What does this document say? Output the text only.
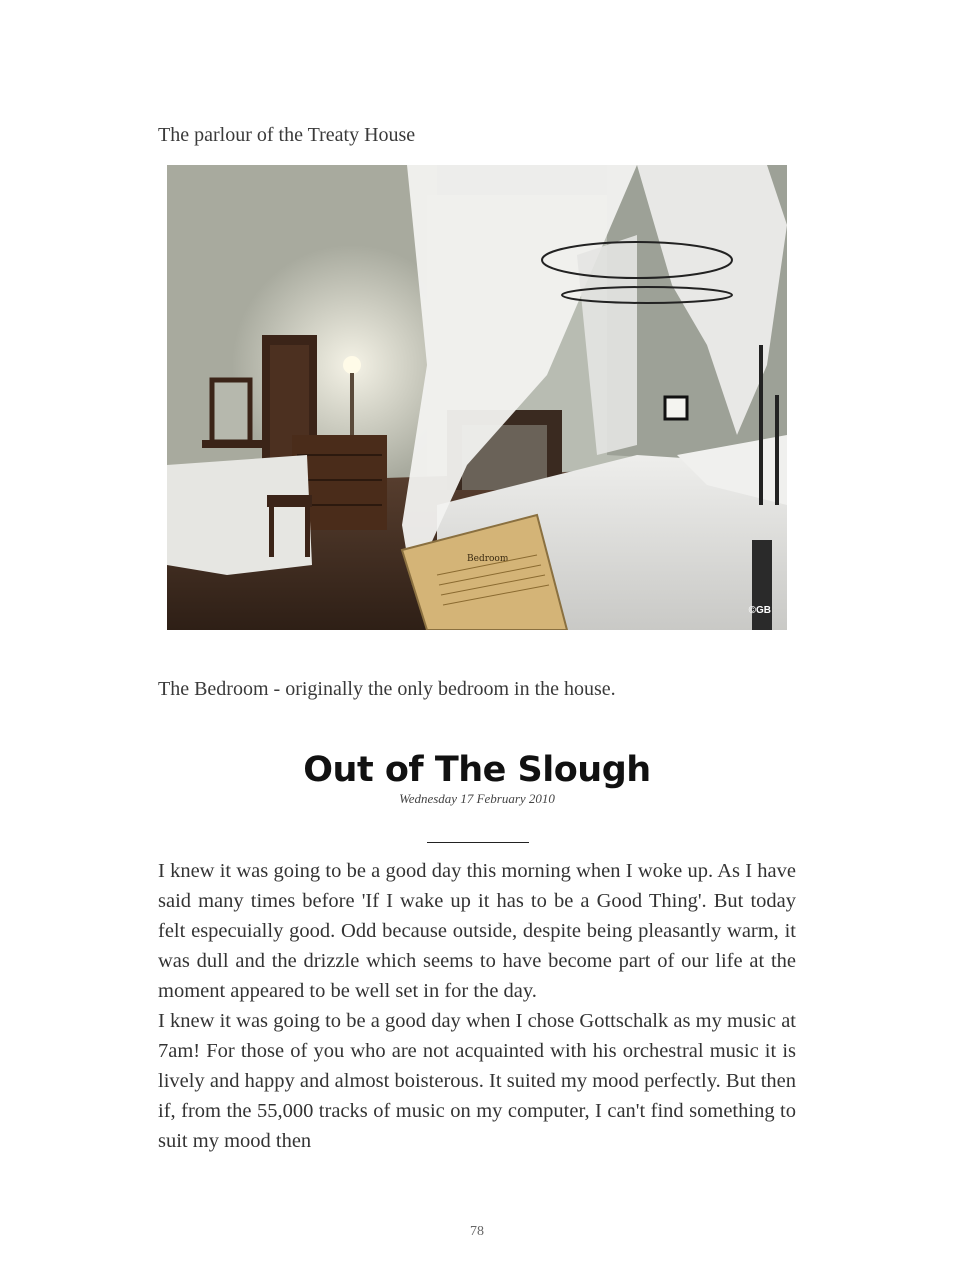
The parlour of the Treaty House
Bedroom
©GB
The Bedroom - originally the only bedroom in the house.
Out of The Slough
Wednesday 17 February 2010

I knew it was going to be a good day this morning when I woke up. As I have said many times before 'If I wake up it has to be a Good Thing'. But today felt especuially good. Odd because outside, despite being pleasantly warm, it was dull and the drizzle which seems to have become part of our life at the moment appeared to be well set in for the day.

I knew it was going to be a good day when I chose Gottschalk as my music at 7am! For those of you who are not acquainted with his orchestral music it is lively and happy and almost boisterous. It suited my mood perfectly. But then if, from the 55,000 tracks of music on my computer, I can't find something to suit my mood then

78
